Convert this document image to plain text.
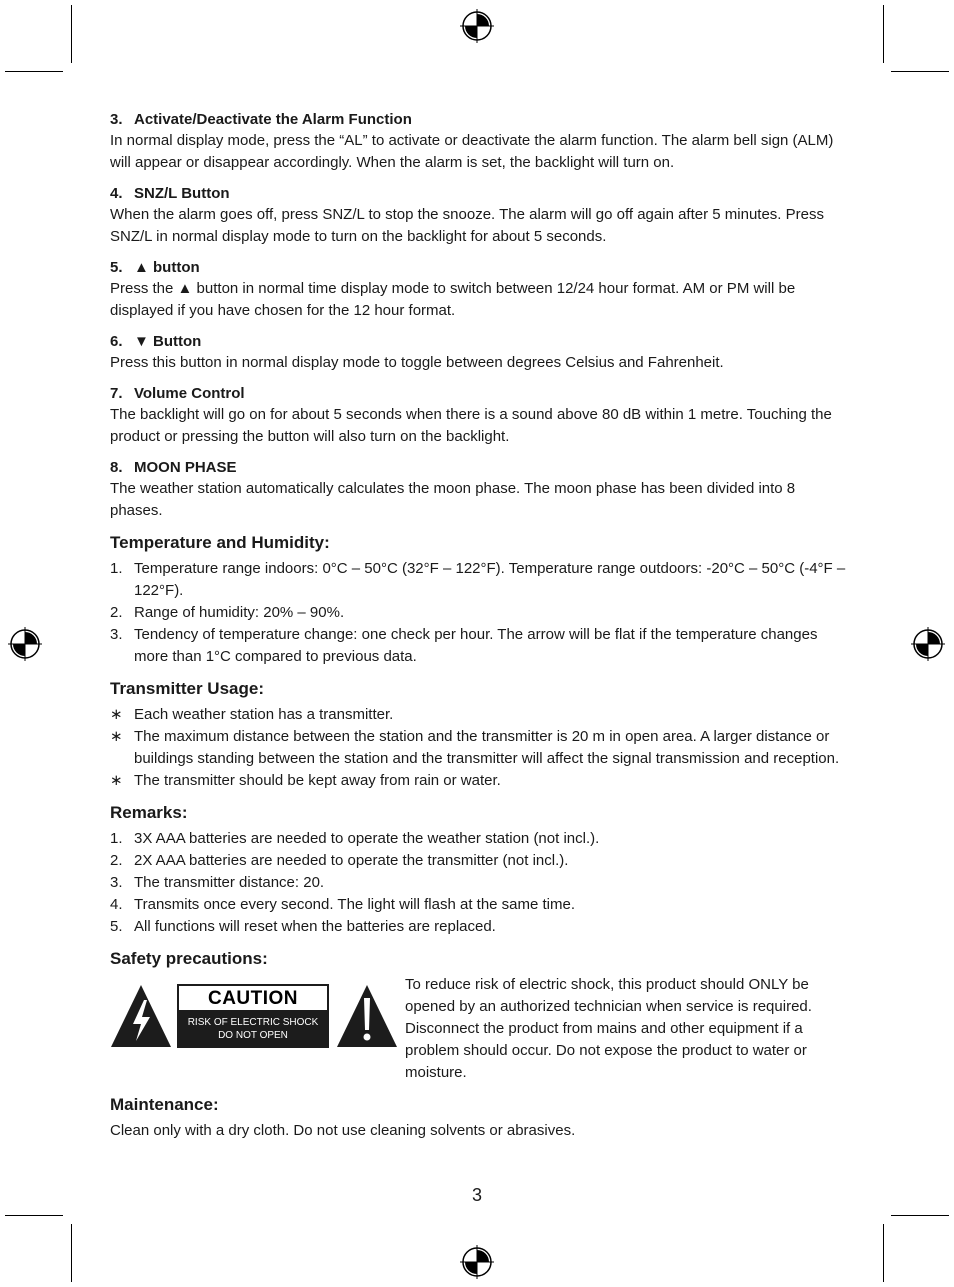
3. Activate/Deactivate the Alarm Function
In normal display mode, press the “AL” to activate or deactivate the alarm function. The alarm bell sign (ALM) will appear or disappear accordingly. When the alarm is set, the backlight will turn on.
4. SNZ/L Button
When the alarm goes off, press SNZ/L to stop the snooze. The alarm will go off again after 5 minutes. Press SNZ/L in normal display mode to turn on the backlight for about 5 seconds.
5. ▲ button
Press the ▲ button in normal time display mode to switch between 12/24 hour format. AM or PM will be displayed if you have chosen for the 12 hour format.
6. ▼ Button
Press this button in normal display mode to toggle between degrees Celsius and Fahrenheit.
7. Volume Control
The backlight will go on for about 5 seconds when there is a sound above 80 dB within 1 metre. Touching the product or pressing the button will also turn on the backlight.
8. MOON PHASE
The weather station automatically calculates the moon phase. The moon phase has been divided into 8 phases.
Temperature and Humidity:
1. Temperature range indoors: 0°C – 50°C (32°F – 122°F). Temperature range outdoors: -20°C – 50°C (-4°F – 122°F).
2. Range of humidity: 20% – 90%.
3. Tendency of temperature change: one check per hour. The arrow will be flat if the temperature changes more than 1°C compared to previous data.
Transmitter Usage:
∗ Each weather station has a transmitter.
∗ The maximum distance between the station and the transmitter is 20 m in open area. A larger distance or buildings standing between the station and the transmitter will affect the signal transmission and reception.
∗ The transmitter should be kept away from rain or water.
Remarks:
1. 3X AAA batteries are needed to operate the weather station (not incl.).
2. 2X AAA batteries are needed to operate the transmitter (not incl.).
3. The transmitter distance: 20.
4. Transmits once every second. The light will flash at the same time.
5. All functions will reset when the batteries are replaced.
Safety precautions:
CAUTION
RISK OF ELECTRIC SHOCK
DO NOT OPEN
To reduce risk of electric shock, this product should ONLY be opened by an authorized technician when service is required. Disconnect the product from mains and other equipment if a problem should occur. Do not expose the product to water or moisture.
Maintenance:
Clean only with a dry cloth. Do not use cleaning solvents or abrasives.
3
